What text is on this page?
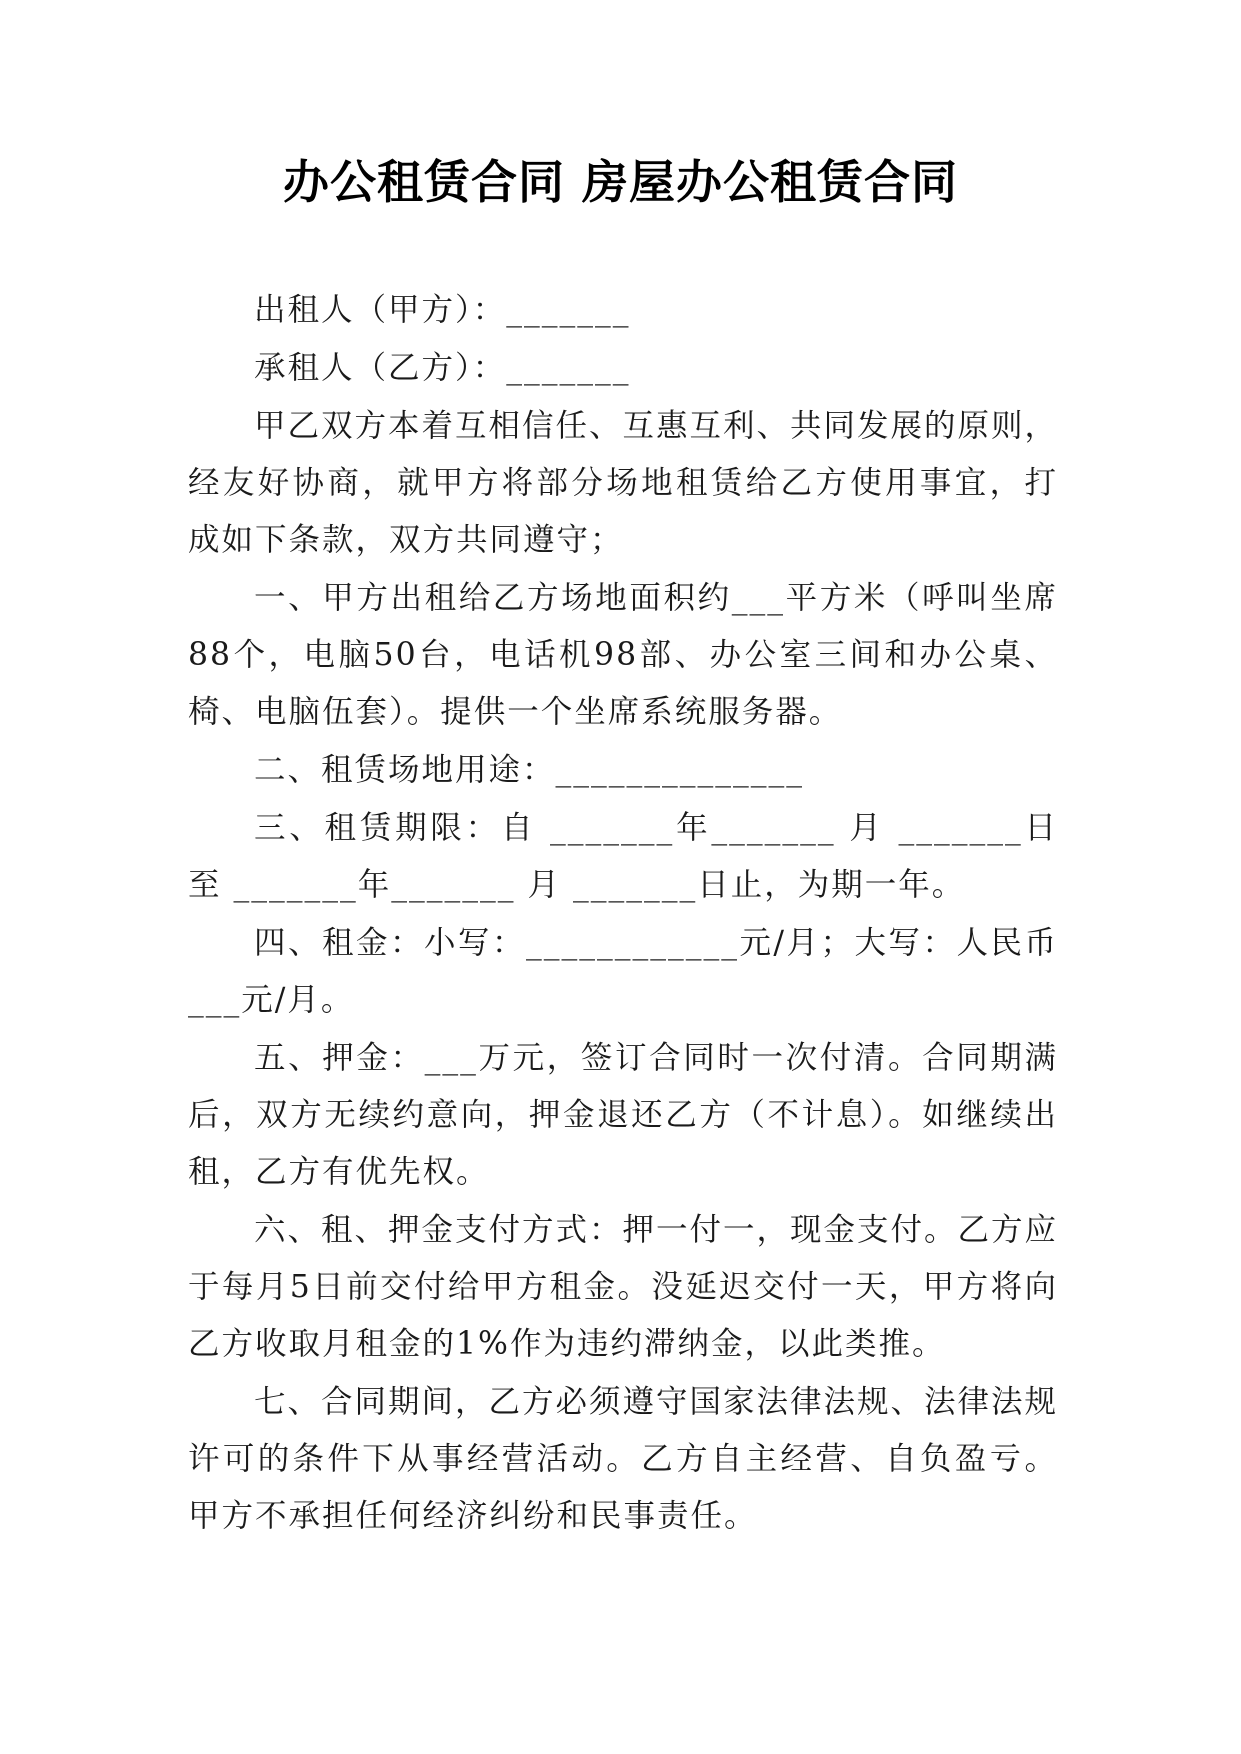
办公租赁合同 房屋办公租赁合同

出租人（甲方）：_______

承租人（乙方）：_______

甲乙双方本着互相信任、互惠互利、共同发展的原则，经友好协商，就甲方将部分场地租赁给乙方使用事宜，打成如下条款，双方共同遵守；

一、甲方出租给乙方场地面积约___平方米（呼叫坐席88个，电脑50台，电话机98部、办公室三间和办公桌、椅、电脑伍套）。提供一个坐席系统服务器。

二、租赁场地用途：______________

三、租赁期限：自 _______年_______ 月 _______日至 _______年_______ 月 _______日止，为期一年。

四、租金：小写：____________元/月；大写：人民币___元/月。

五、押金：___万元，签订合同时一次付清。合同期满后，双方无续约意向，押金退还乙方（不计息）。如继续出租，乙方有优先权。

六、租、押金支付方式：押一付一，现金支付。乙方应于每月5日前交付给甲方租金。没延迟交付一天，甲方将向乙方收取月租金的1%作为违约滞纳金，以此类推。

七、合同期间，乙方必须遵守国家法律法规、法律法规许可的条件下从事经营活动。乙方自主经营、自负盈亏。甲方不承担任何经济纠纷和民事责任。
